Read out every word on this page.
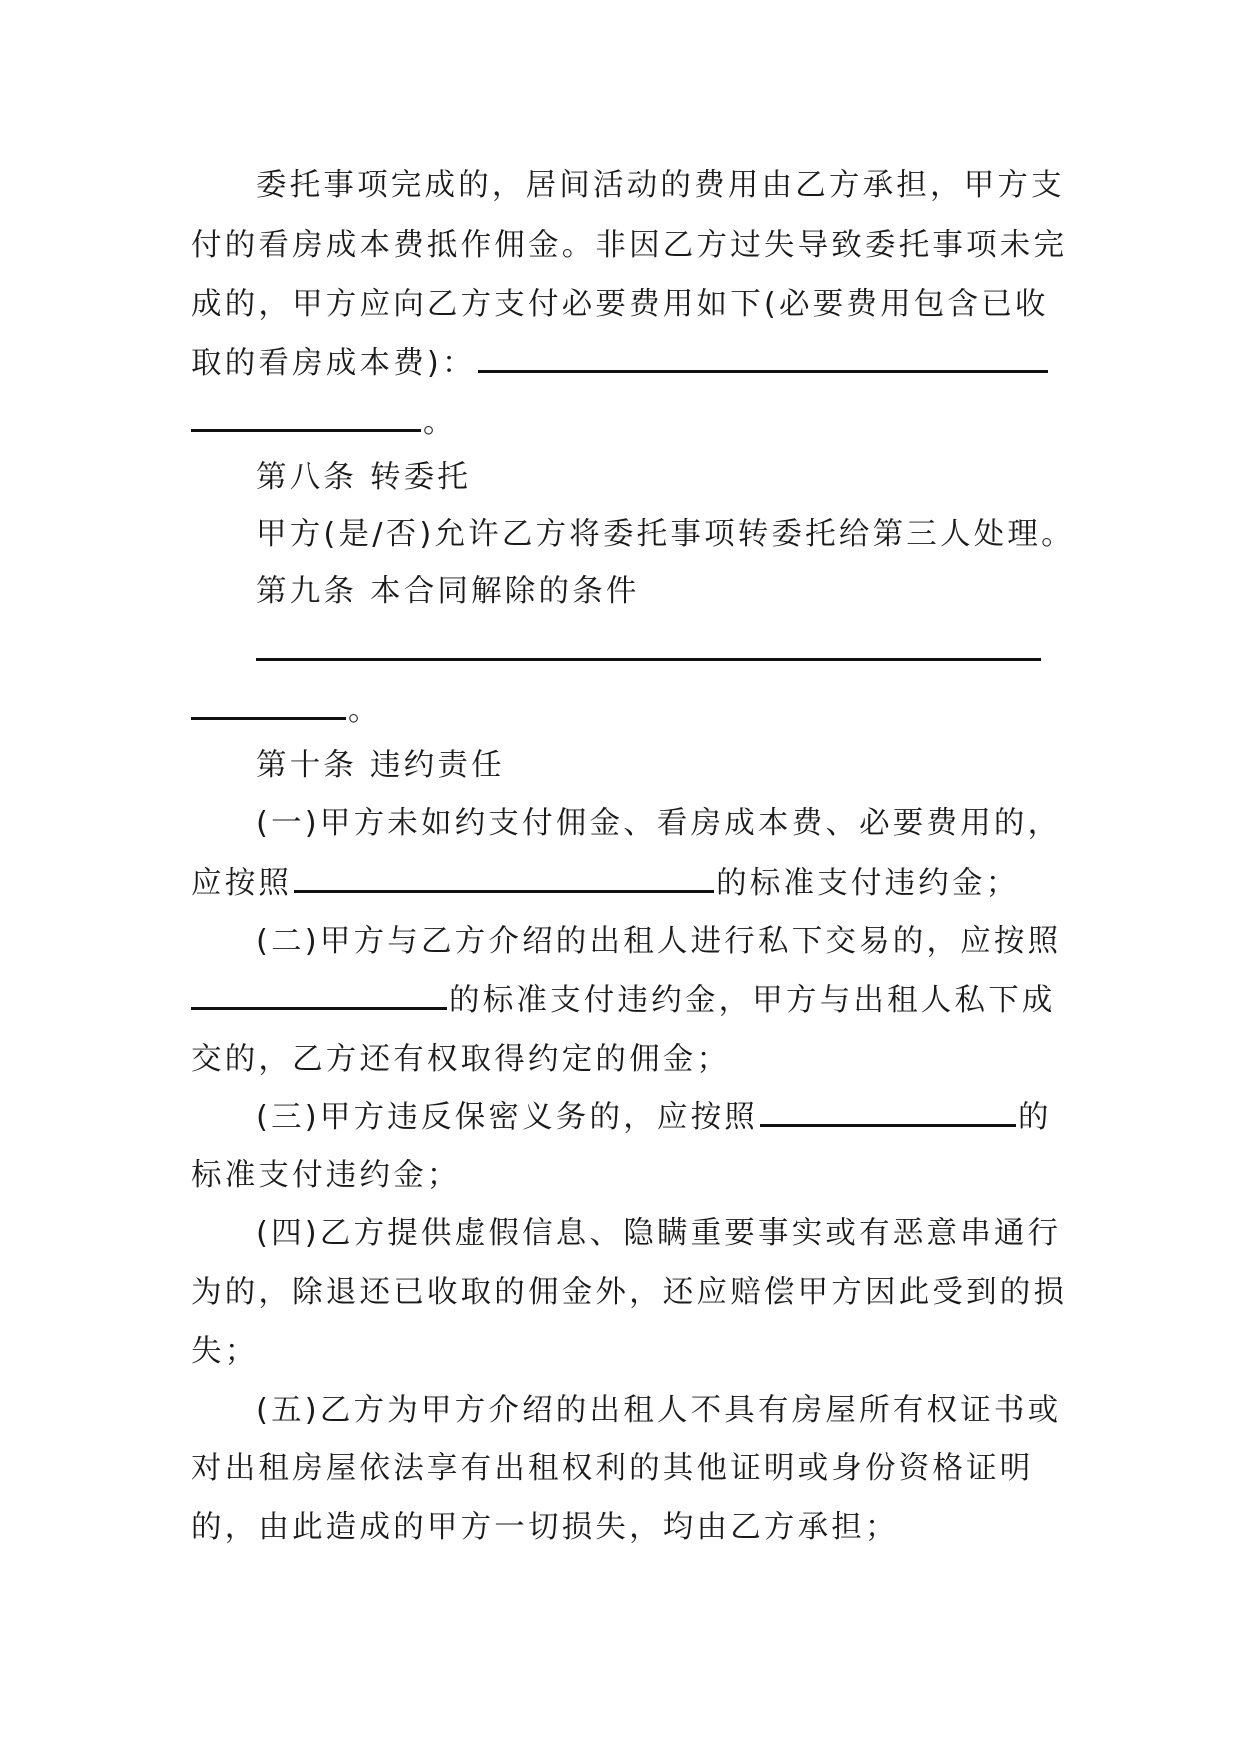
委托事项完成的，居间活动的费用由乙方承担，甲方支
付的看房成本费抵作佣金。非因乙方过失导致委托事项未完
成的，甲方应向乙方支付必要费用如下(必要费用包含已收
取的看房成本费)：
。
第八条 转委托
甲方(是/否)允许乙方将委托事项转委托给第三人处理。
第九条 本合同解除的条件
。
第十条 违约责任
(一)甲方未如约支付佣金、看房成本费、必要费用的，
应按照	的标准支付违约金；
(二)甲方与乙方介绍的出租人进行私下交易的，应按照
的标准支付违约金，甲方与出租人私下成
交的，乙方还有权取得约定的佣金；
(三)甲方违反保密义务的，应按照	的
标准支付违约金；
(四)乙方提供虚假信息、隐瞒重要事实或有恶意串通行
为的，除退还已收取的佣金外，还应赔偿甲方因此受到的损
失；
(五)乙方为甲方介绍的出租人不具有房屋所有权证书或
对出租房屋依法享有出租权利的其他证明或身份资格证明
的，由此造成的甲方一切损失，均由乙方承担；
